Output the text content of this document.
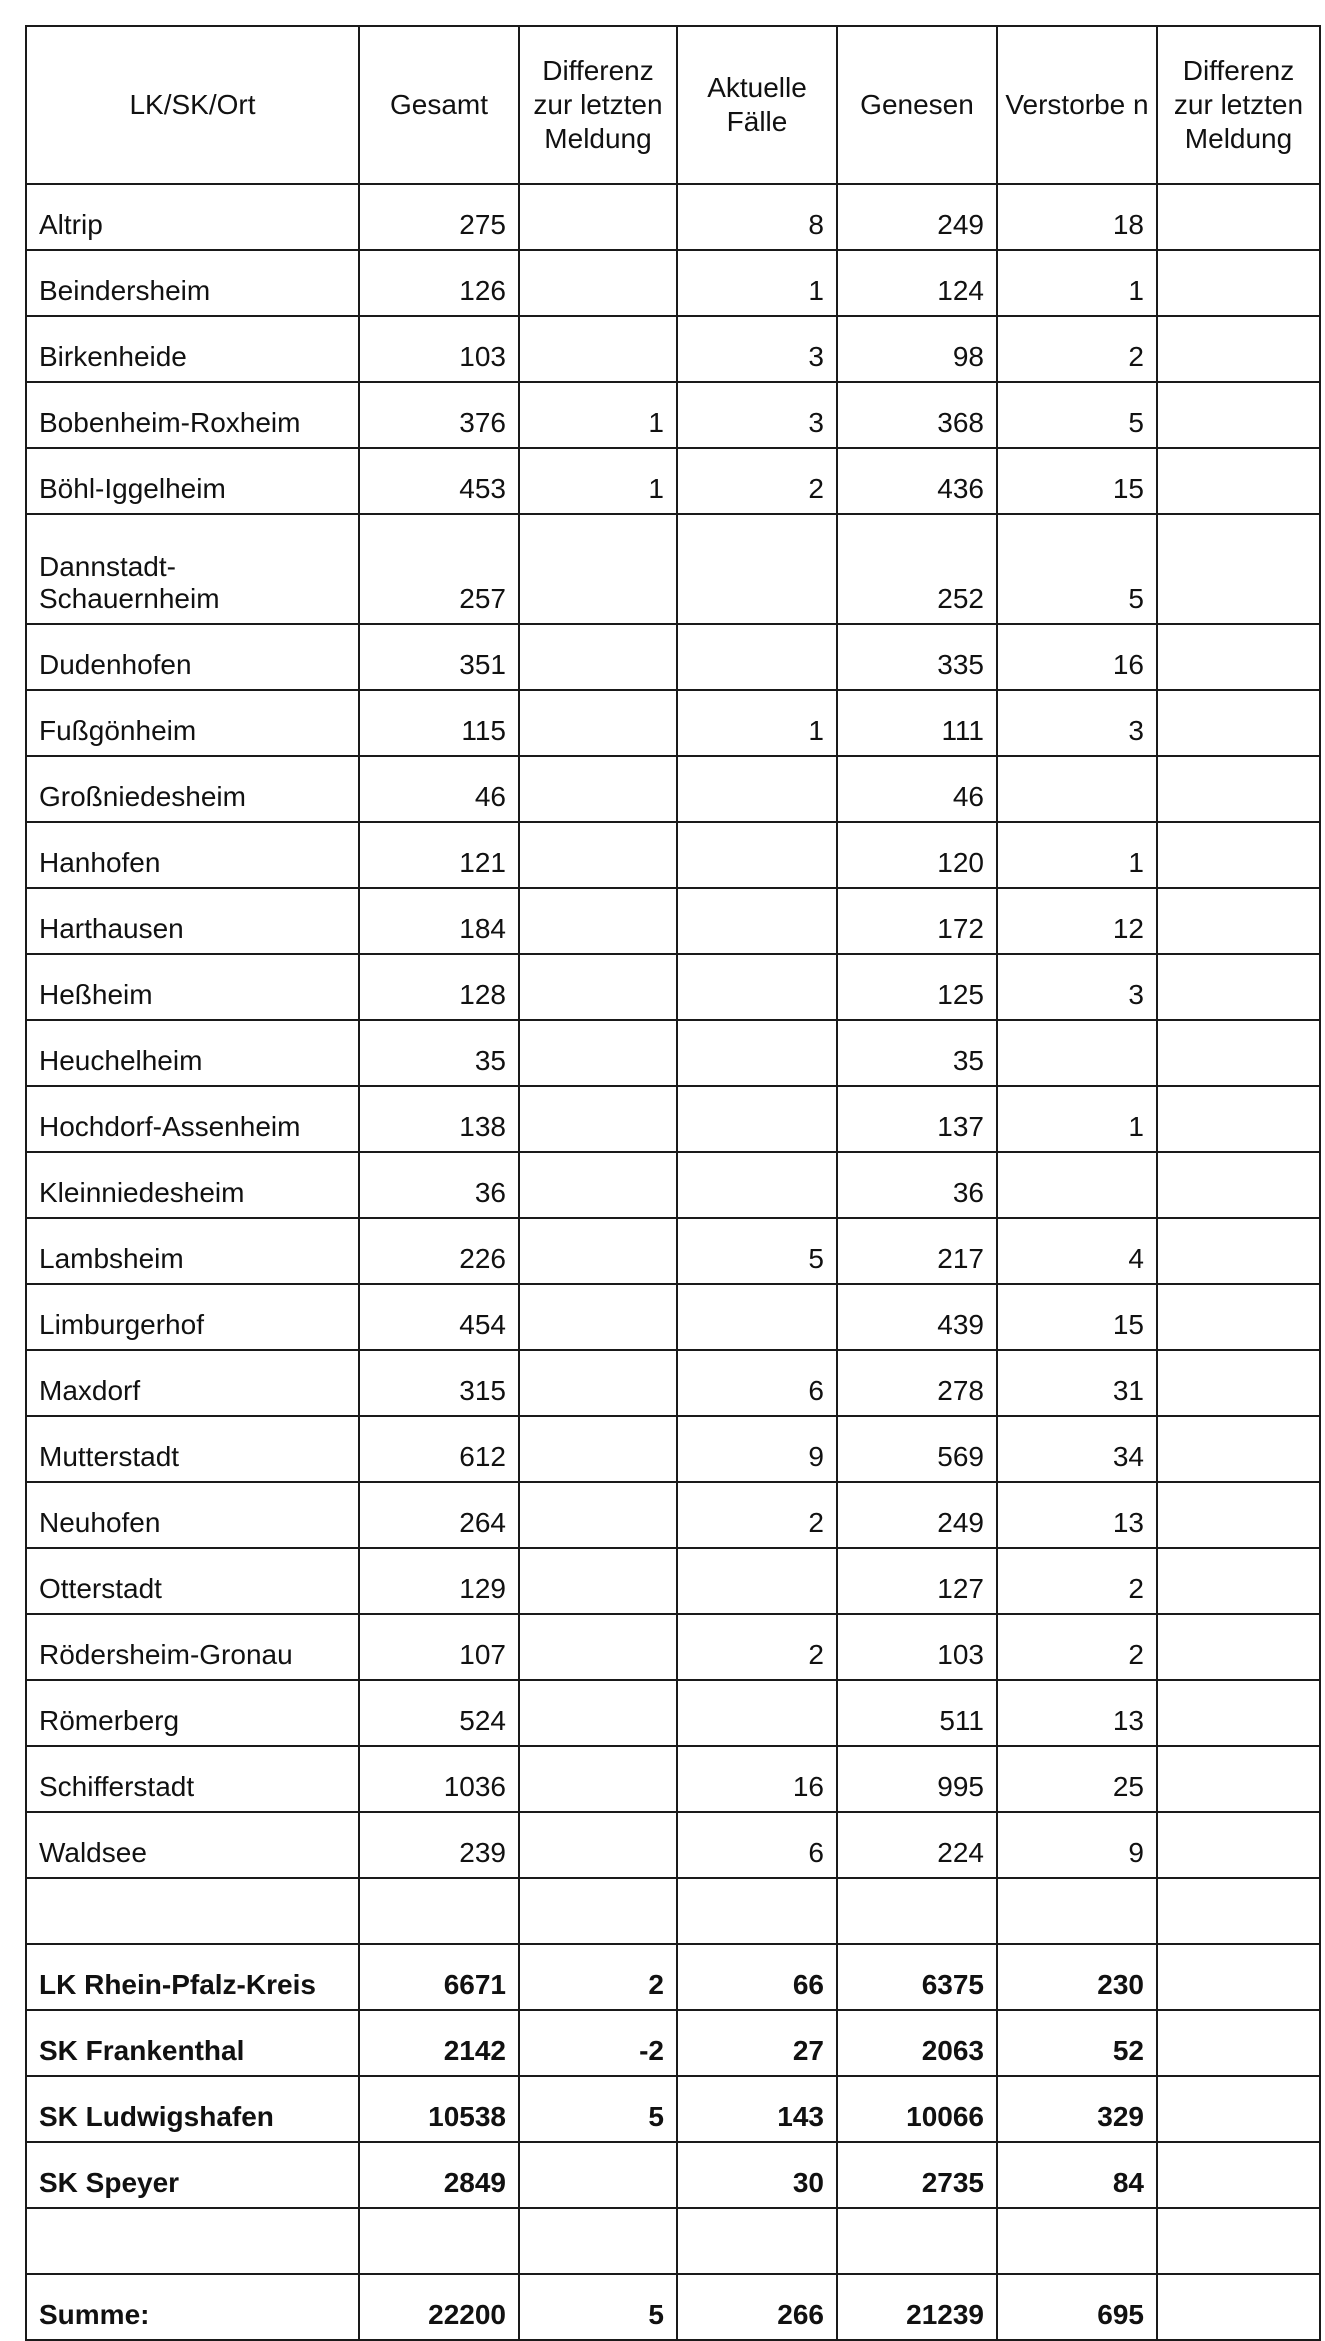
LK/SK/Ort	Gesamt	Differenz zur letzten Meldung	Aktuelle Fälle	Genesen	Verstorbe n	Differenz zur letzten Meldung
Altrip	275		8	249	18	
Beindersheim	126		1	124	1	
Birkenheide	103		3	98	2	
Bobenheim-Roxheim	376	1	3	368	5	
Böhl-Iggelheim	453	1	2	436	15	
Dannstadt- Schauernheim	257			252	5	
Dudenhofen	351			335	16	
Fußgönheim	115		1	111	3	
Großniedesheim	46			46		
Hanhofen	121			120	1	
Harthausen	184			172	12	
Heßheim	128			125	3	
Heuchelheim	35			35		
Hochdorf-Assenheim	138			137	1	
Kleinniedesheim	36			36		
Lambsheim	226		5	217	4	
Limburgerhof	454			439	15	
Maxdorf	315		6	278	31	
Mutterstadt	612		9	569	34	
Neuhofen	264		2	249	13	
Otterstadt	129			127	2	
Rödersheim-Gronau	107		2	103	2	
Römerberg	524			511	13	
Schifferstadt	1036		16	995	25	
Waldsee	239		6	224	9	

LK Rhein-Pfalz-Kreis	6671	2	66	6375	230	
SK Frankenthal	2142	-2	27	2063	52	
SK Ludwigshafen	10538	5	143	10066	329	
SK Speyer	2849		30	2735	84	

Summe:	22200	5	266	21239	695	
